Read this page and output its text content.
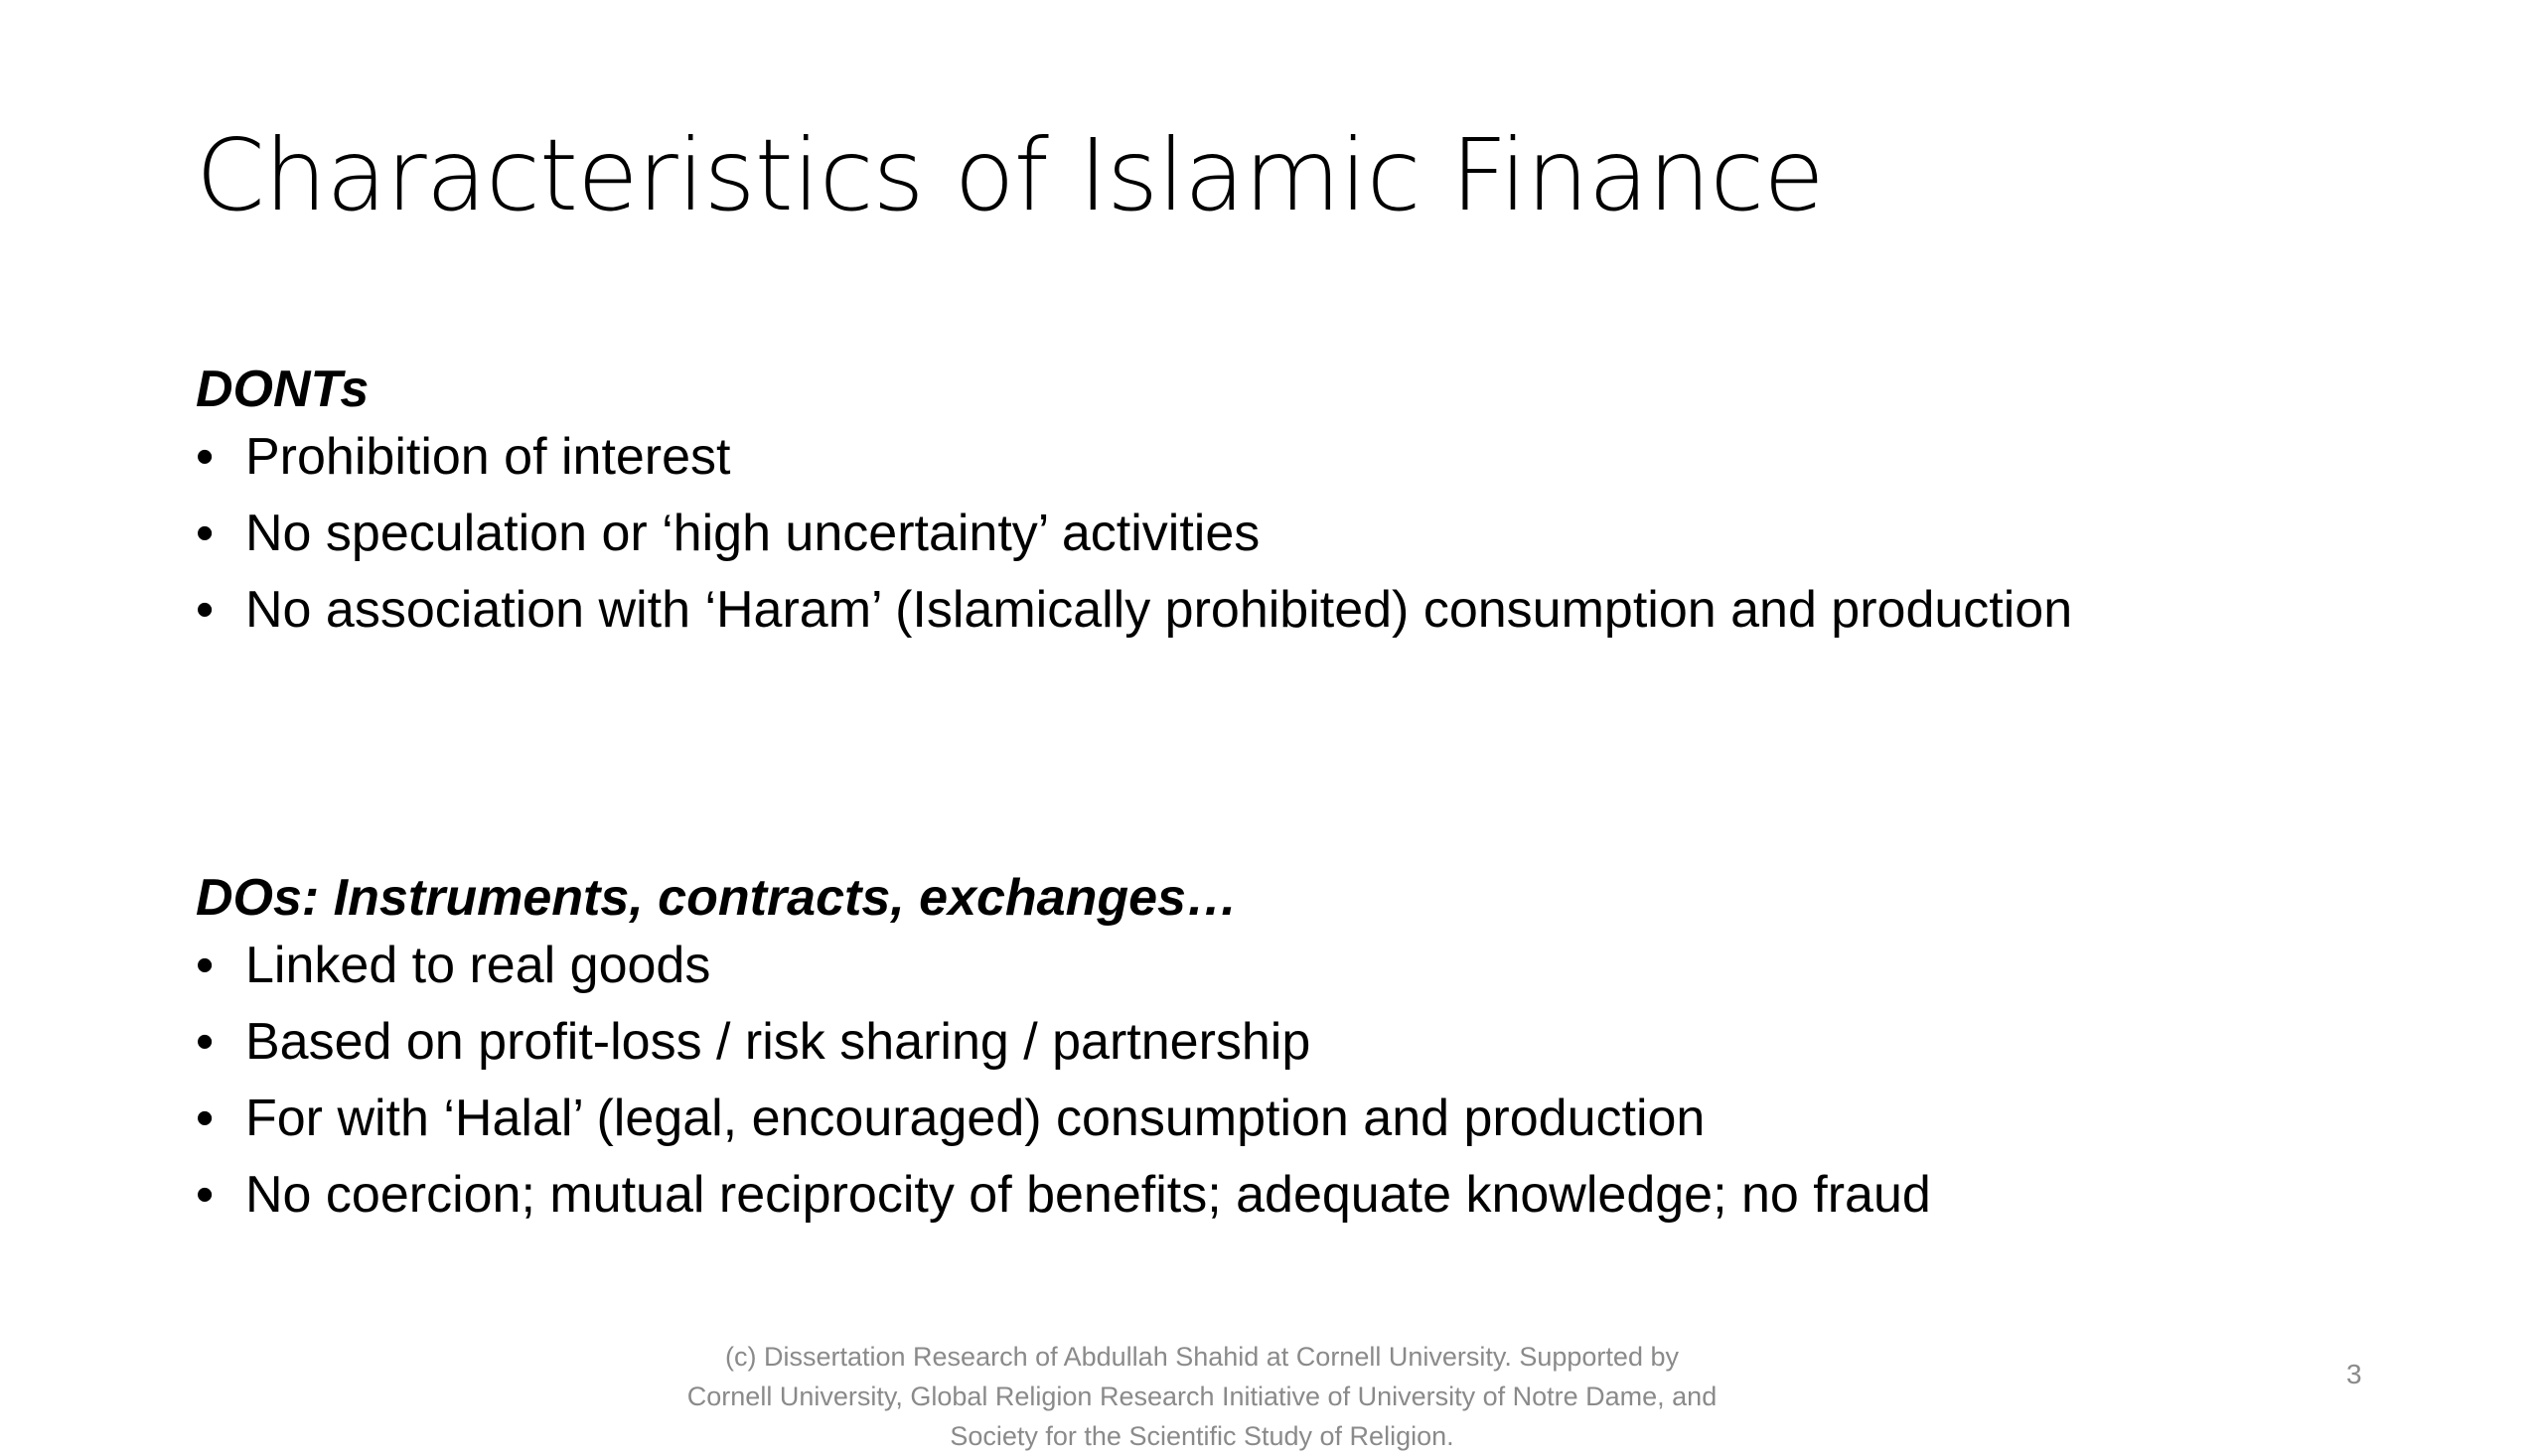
Characteristics of Islamic Finance
DONTs
• Prohibition of interest
• No speculation or ‘high uncertainty’ activities
• No association with ‘Haram’ (Islamically prohibited) consumption and production
DOs: Instruments, contracts, exchanges…
• Linked to real goods
• Based on profit-loss / risk sharing / partnership
• For with ‘Halal’ (legal, encouraged) consumption and production
• No coercion; mutual reciprocity of benefits; adequate knowledge; no fraud
(c) Dissertation Research of Abdullah Shahid at Cornell University. Supported by Cornell University, Global Religion Research Initiative of University of Notre Dame, and Society for the Scientific Study of Religion.
3
